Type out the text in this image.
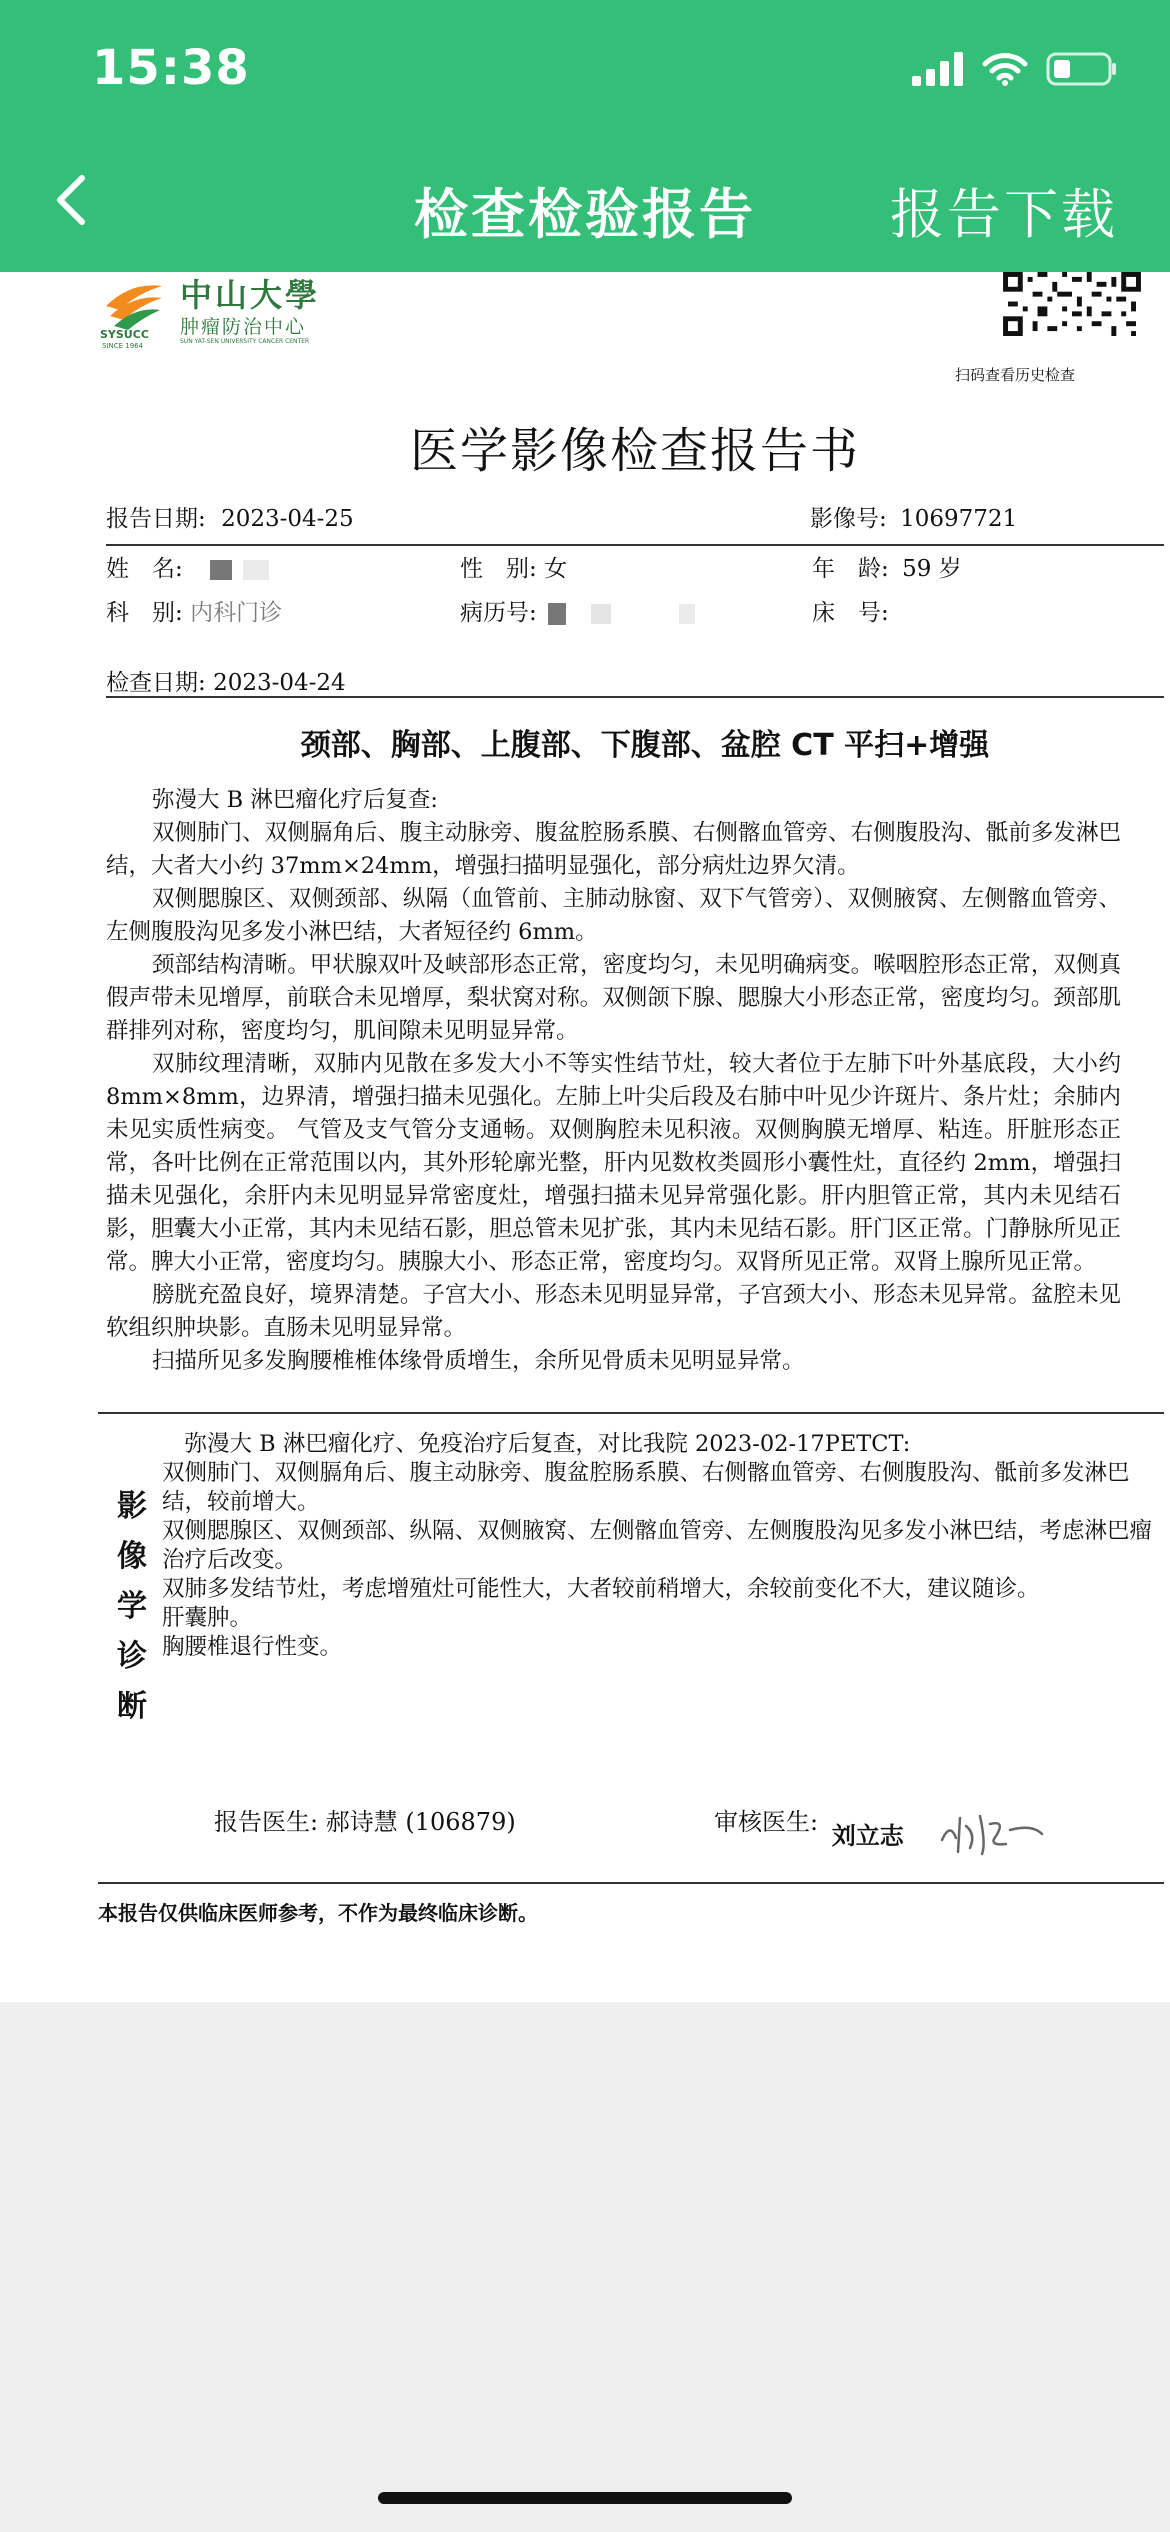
15:38
检查检验报告	报告下载
中山大學
肿瘤防治中心
SYSUCC
SINCE 1964
SUN YAT-SEN UNIVERSITY CANCER CENTER
扫码查看历史检查
医学影像检查报告书
报告日期: 2023-04-25	影像号: 10697721
姓　名:	性　别: 女	年　龄: 59 岁
科　别: 内科门诊	病历号:	床　号:
检查日期: 2023-04-24
颈部、胸部、上腹部、下腹部、盆腔 CT 平扫+增强

弥漫大 B 淋巴瘤化疗后复查:

双侧肺门、双侧膈角后、腹主动脉旁、腹盆腔肠系膜、右侧髂血管旁、右侧腹股沟、骶前多发淋巴结，大者大小约 37mm×24mm，增强扫描明显强化，部分病灶边界欠清。

双侧腮腺区、双侧颈部、纵隔（血管前、主肺动脉窗、双下气管旁）、双侧腋窝、左侧髂血管旁、左侧腹股沟见多发小淋巴结，大者短径约 6mm。

颈部结构清晰。甲状腺双叶及峡部形态正常，密度均匀，未见明确病变。喉咽腔形态正常，双侧真假声带未见增厚，前联合未见增厚，梨状窝对称。双侧颌下腺、腮腺大小形态正常，密度均匀。颈部肌群排列对称，密度均匀，肌间隙未见明显异常。

双肺纹理清晰，双肺内见散在多发大小不等实性结节灶，较大者位于左肺下叶外基底段，大小约 8mm×8mm，边界清，增强扫描未见强化。左肺上叶尖后段及右肺中叶见少许斑片、条片灶；余肺内未见实质性病变。 气管及支气管分支通畅。双侧胸腔未见积液。双侧胸膜无增厚、粘连。肝脏形态正常，各叶比例在正常范围以内，其外形轮廓光整，肝内见数枚类圆形小囊性灶，直径约 2mm，增强扫描未见强化，余肝内未见明显异常密度灶，增强扫描未见异常强化影。肝内胆管正常，其内未见结石影，胆囊大小正常，其内未见结石影，胆总管未见扩张，其内未见结石影。肝门区正常。门静脉所见正常。脾大小正常，密度均匀。胰腺大小、形态正常，密度均匀。双肾所见正常。双肾上腺所见正常。

膀胱充盈良好，境界清楚。子宫大小、形态未见明显异常，子宫颈大小、形态未见异常。盆腔未见软组织肿块影。直肠未见明显异常。

扫描所见多发胸腰椎椎体缘骨质增生，余所见骨质未见明显异常。

影像学诊断

　弥漫大 B 淋巴瘤化疗、免疫治疗后复查，对比我院 2023-02-17PETCT:

双侧肺门、双侧膈角后、腹主动脉旁、腹盆腔肠系膜、右侧髂血管旁、右侧腹股沟、骶前多发淋巴结，较前增大。

双侧腮腺区、双侧颈部、纵隔、双侧腋窝、左侧髂血管旁、左侧腹股沟见多发小淋巴结，考虑淋巴瘤治疗后改变。

双肺多发结节灶，考虑增殖灶可能性大，大者较前稍增大，余较前变化不大，建议随诊。

肝囊肿。

胸腰椎退行性变。

报告医生: 郝诗慧 (106879)	审核医生: 刘立志
本报告仅供临床医师参考，不作为最终临床诊断。
